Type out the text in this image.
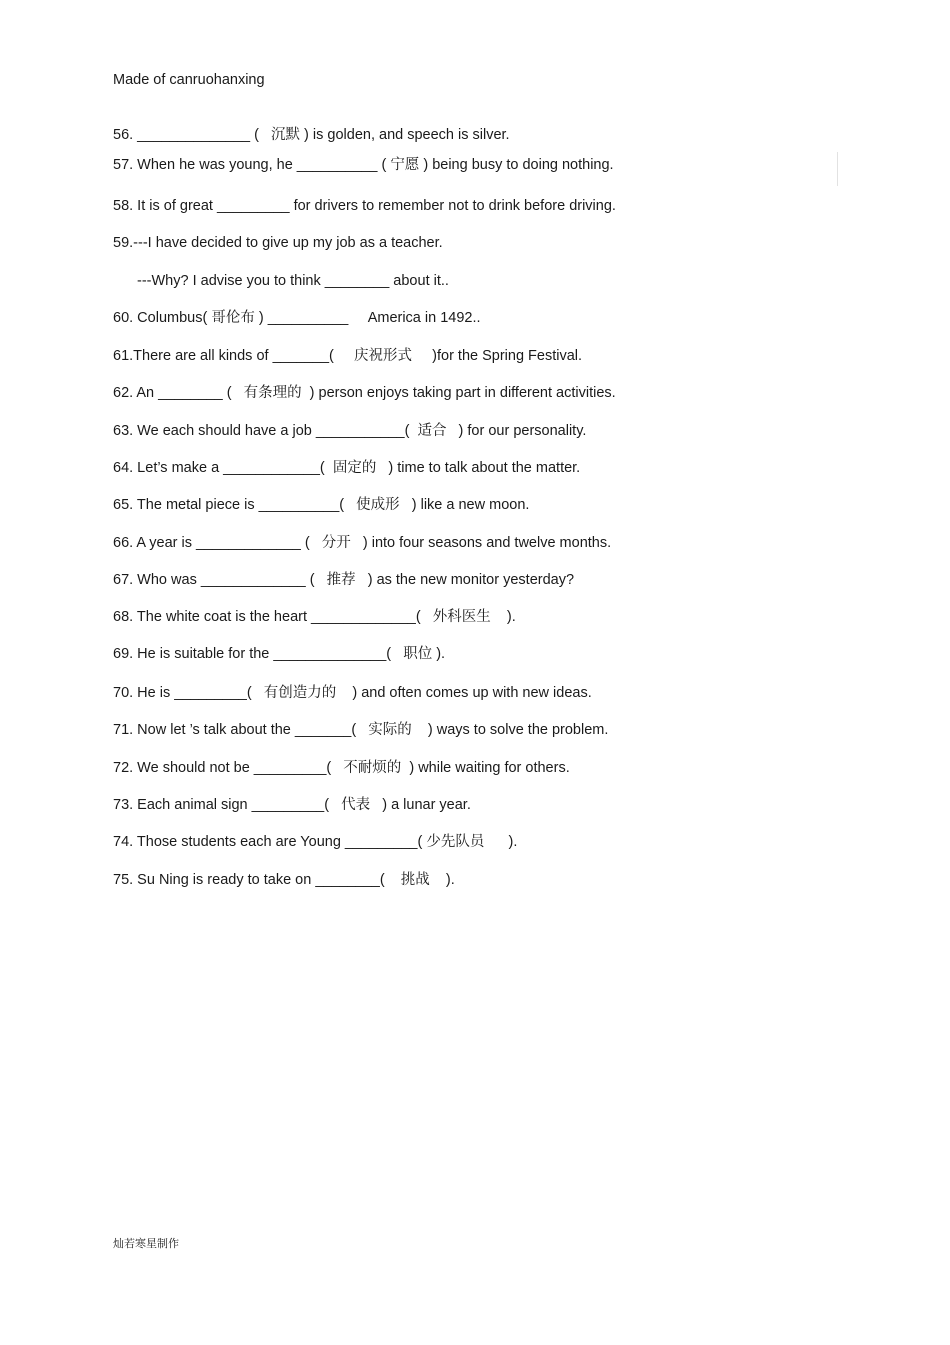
Made of canruohanxing
56. ______________ (   沉默 ) is golden, and speech is silver.
57. When he was young, he __________ ( 宁愿 ) being busy to doing nothing.
58. It is of great _________ for drivers to remember not to drink before driving.
59.---I have decided to give up my job as a teacher.
---Why? I advise you to think ________ about it..
60. Columbus( 哥伦布 ) __________     America in 1492..
61.There are all kinds of _______(     庆祝形式     )for the Spring Festival.
62. An ________ (   有条理的  ) person enjoys taking part in different activities.
63. We each should have a job ___________(  适合   ) for our personality.
64. Let’s make a ____________(  固定的   ) time to talk about the matter.
65. The metal piece is __________(   使成形   ) like a new moon.
66. A year is _____________ (   分开   ) into four seasons and twelve months.
67. Who was _____________ (   推荐   ) as the new monitor yesterday?
68. The white coat is the heart _____________(   外科医生    ).
69. He is suitable for the ______________(   职位 ).
70. He is _________(   有创造力的    ) and often comes up with new ideas.
71. Now let ’s talk about the _______(   实际的    ) ways to solve the problem.
72. We should not be _________(   不耐烦的  ) while waiting for others.
73. Each animal sign _________(   代表   ) a lunar year.
74. Those students each are Young _________( 少先队员      ).
75. Su Ning is ready to take on ________(    挑战    ).
灿若寒星制作
